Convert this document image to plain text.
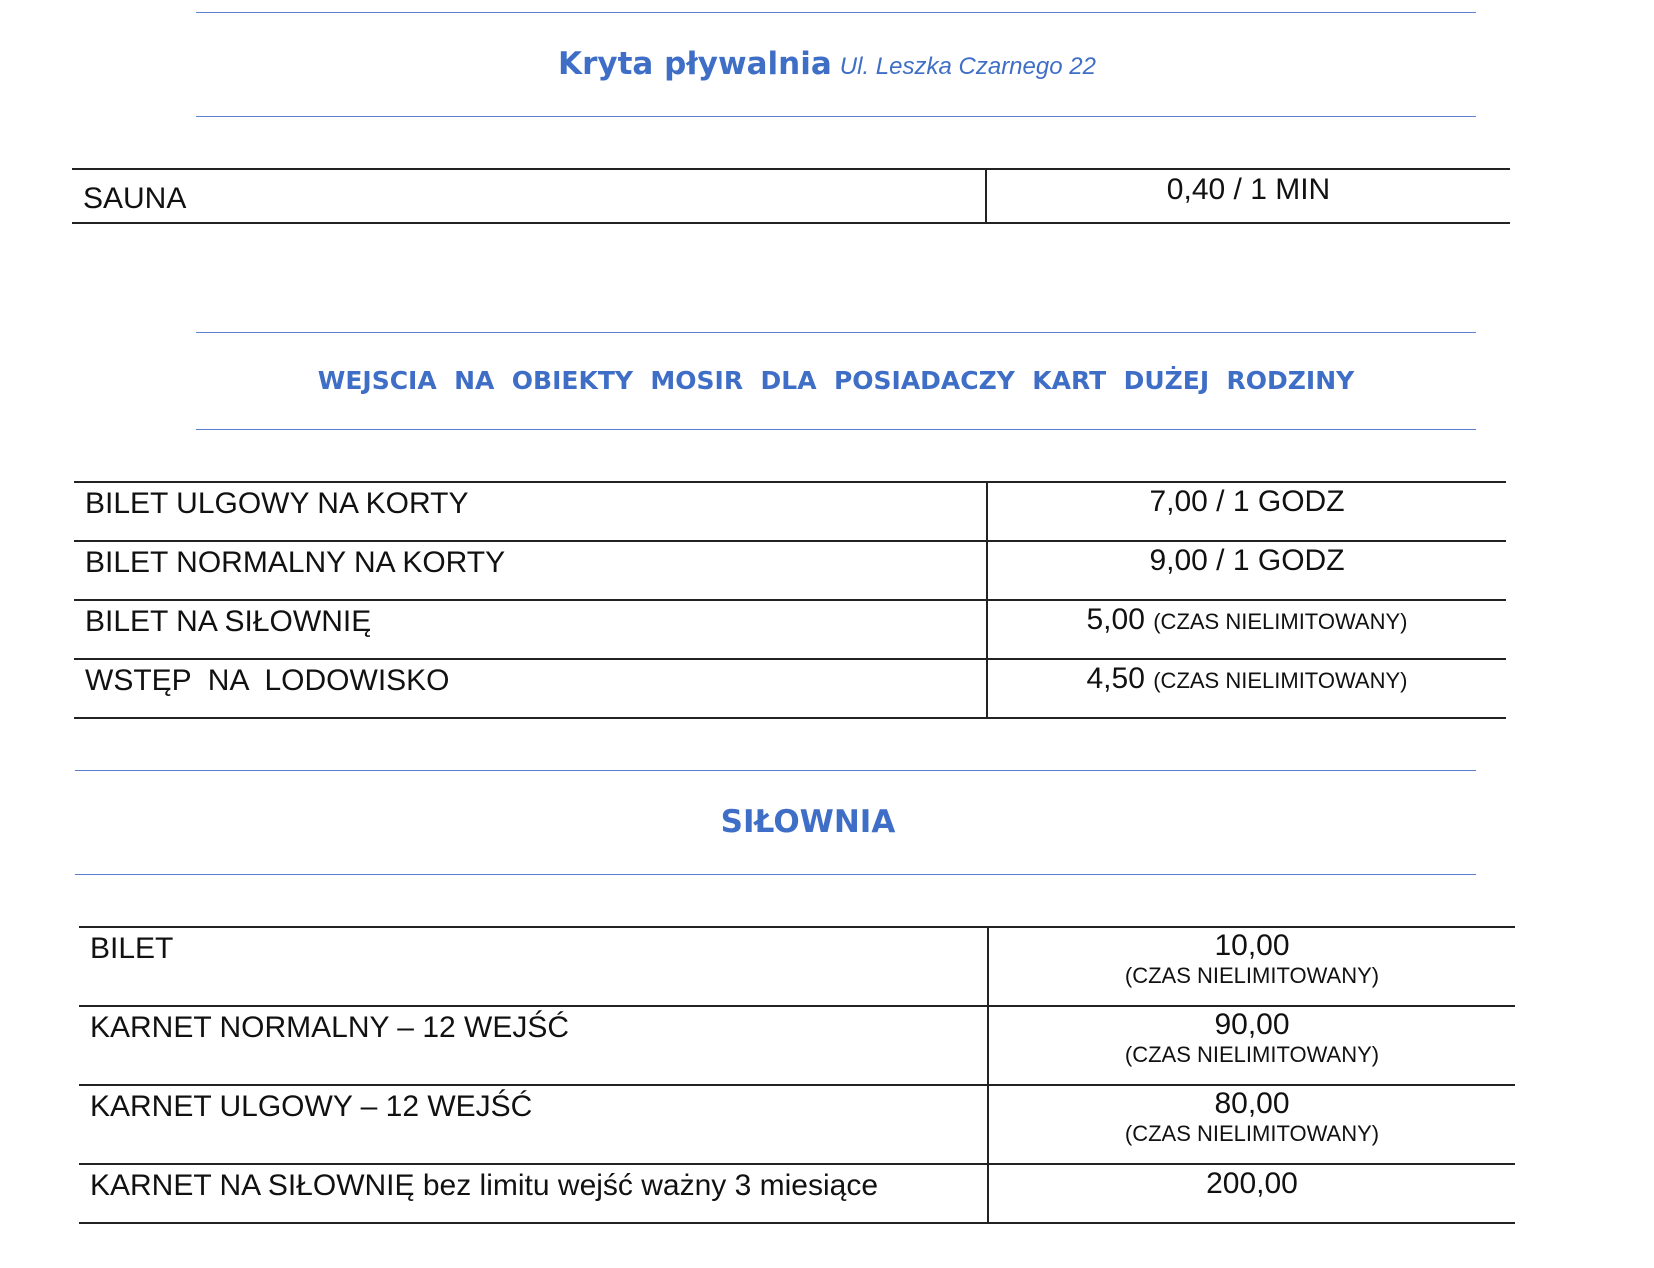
Kryta pływalnia Ul. Leszka Czarnego 22
SAUNA	0,40 / 1 MIN
WEJSCIA  NA  OBIEKTY  MOSIR  DLA  POSIADACZY  KART  DUŻEJ  RODZINY
BILET ULGOWY NA KORTY	7,00 / 1 GODZ
BILET NORMALNY NA KORTY	9,00 / 1 GODZ
BILET NA SIŁOWNIĘ	5,00 (CZAS NIELIMITOWANY)
WSTĘP  NA  LODOWISKO	4,50 (CZAS NIELIMITOWANY)
SIŁOWNIA
BILET	10,00
(CZAS NIELIMITOWANY)

KARNET NORMALNY – 12 WEJŚĆ	90,00
(CZAS NIELIMITOWANY)

KARNET ULGOWY – 12 WEJŚĆ	80,00
(CZAS NIELIMITOWANY)

KARNET NA SIŁOWNIĘ bez limitu wejść ważny 3 miesiące	200,00
